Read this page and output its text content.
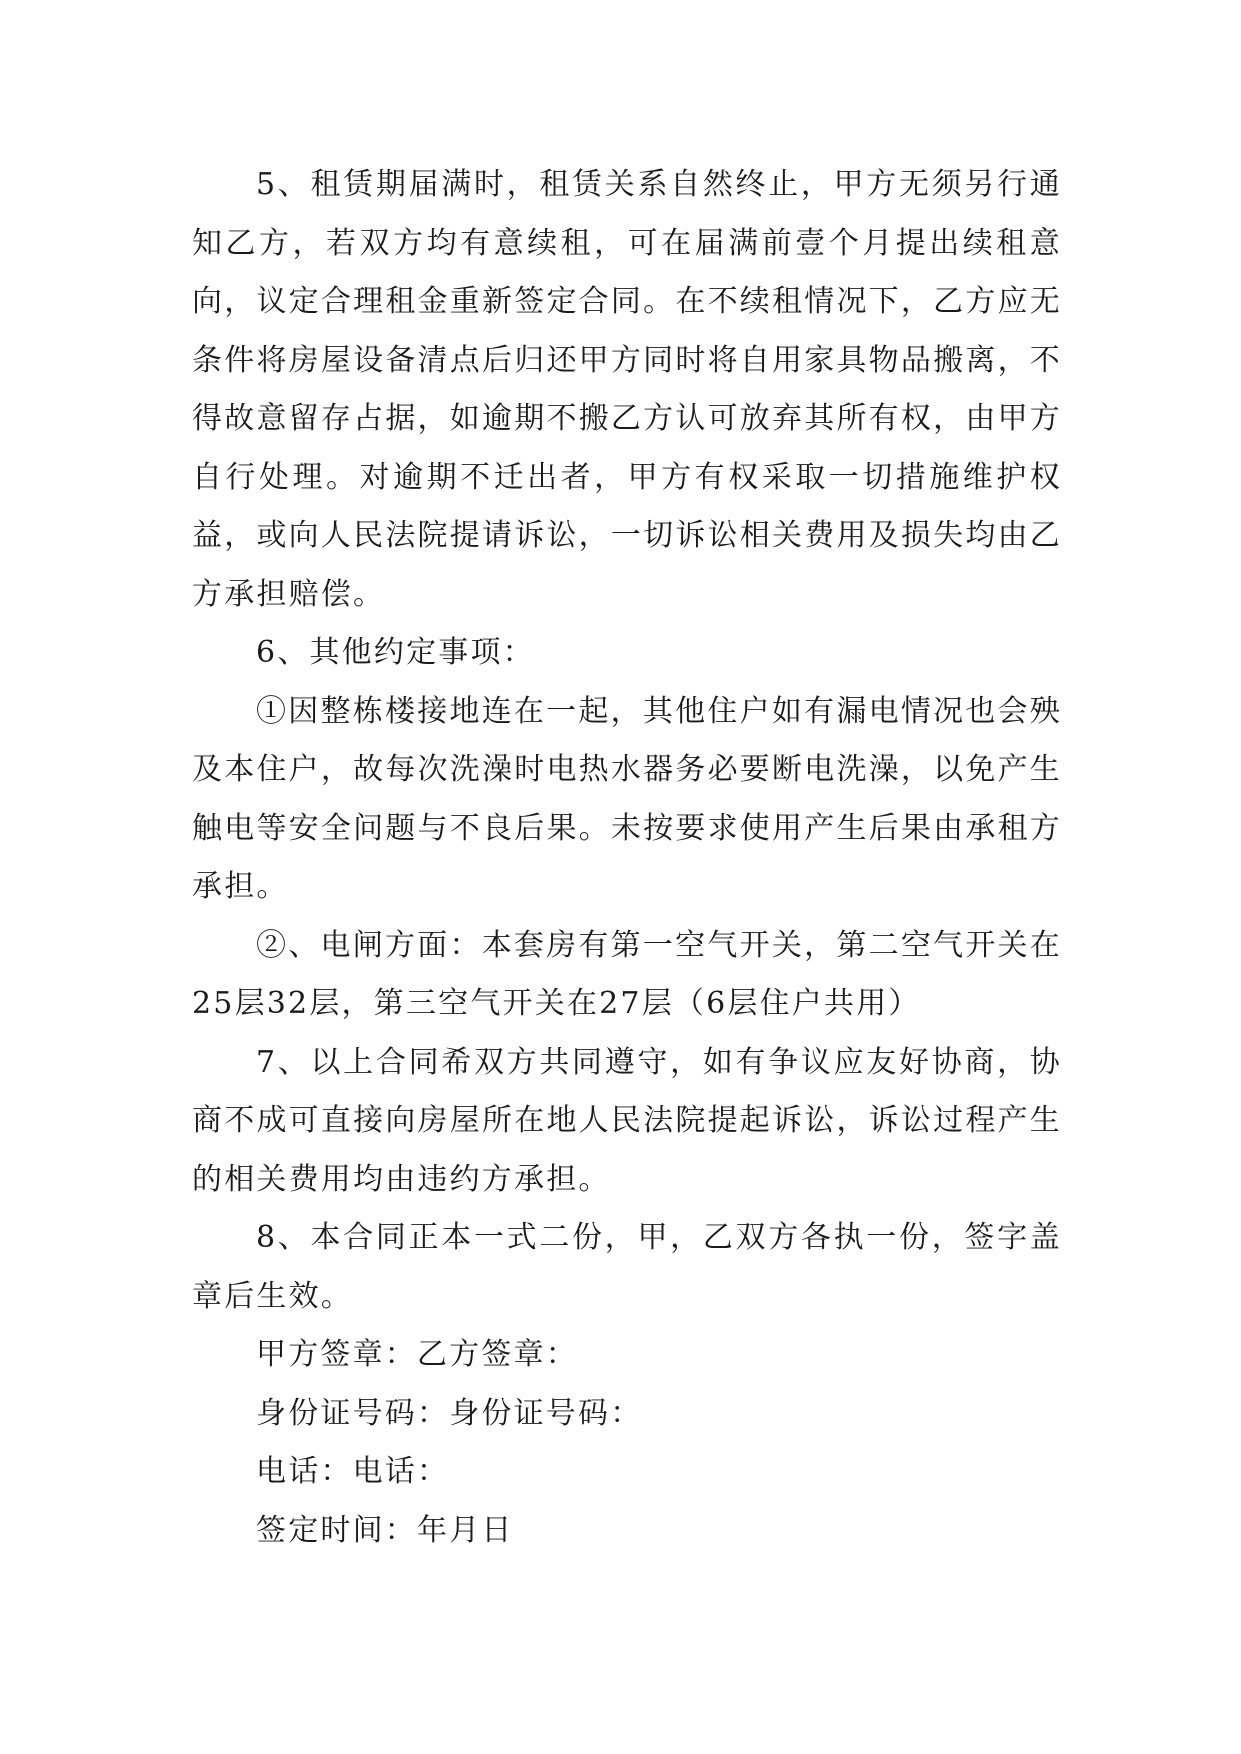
5、租赁期届满时，租赁关系自然终止，甲方无须另行通知乙方，若双方均有意续租，可在届满前壹个月提出续租意向，议定合理租金重新签定合同。在不续租情况下，乙方应无条件将房屋设备清点后归还甲方同时将自用家具物品搬离，不得故意留存占据，如逾期不搬乙方认可放弃其所有权，由甲方自行处理。对逾期不迁出者，甲方有权采取一切措施维护权益，或向人民法院提请诉讼，一切诉讼相关费用及损失均由乙方承担赔偿。

6、其他约定事项：

①因整栋楼接地连在一起，其他住户如有漏电情况也会殃及本住户，故每次洗澡时电热水器务必要断电洗澡，以免产生触电等安全问题与不良后果。未按要求使用产生后果由承租方承担。

②、电闸方面：本套房有第一空气开关，第二空气开关在25层32层，第三空气开关在27层（6层住户共用）

7、以上合同希双方共同遵守，如有争议应友好协商，协商不成可直接向房屋所在地人民法院提起诉讼，诉讼过程产生的相关费用均由违约方承担。

8、本合同正本一式二份，甲，乙双方各执一份，签字盖章后生效。

甲方签章：乙方签章：

身份证号码：身份证号码：

电话：电话：

签定时间：年月日
